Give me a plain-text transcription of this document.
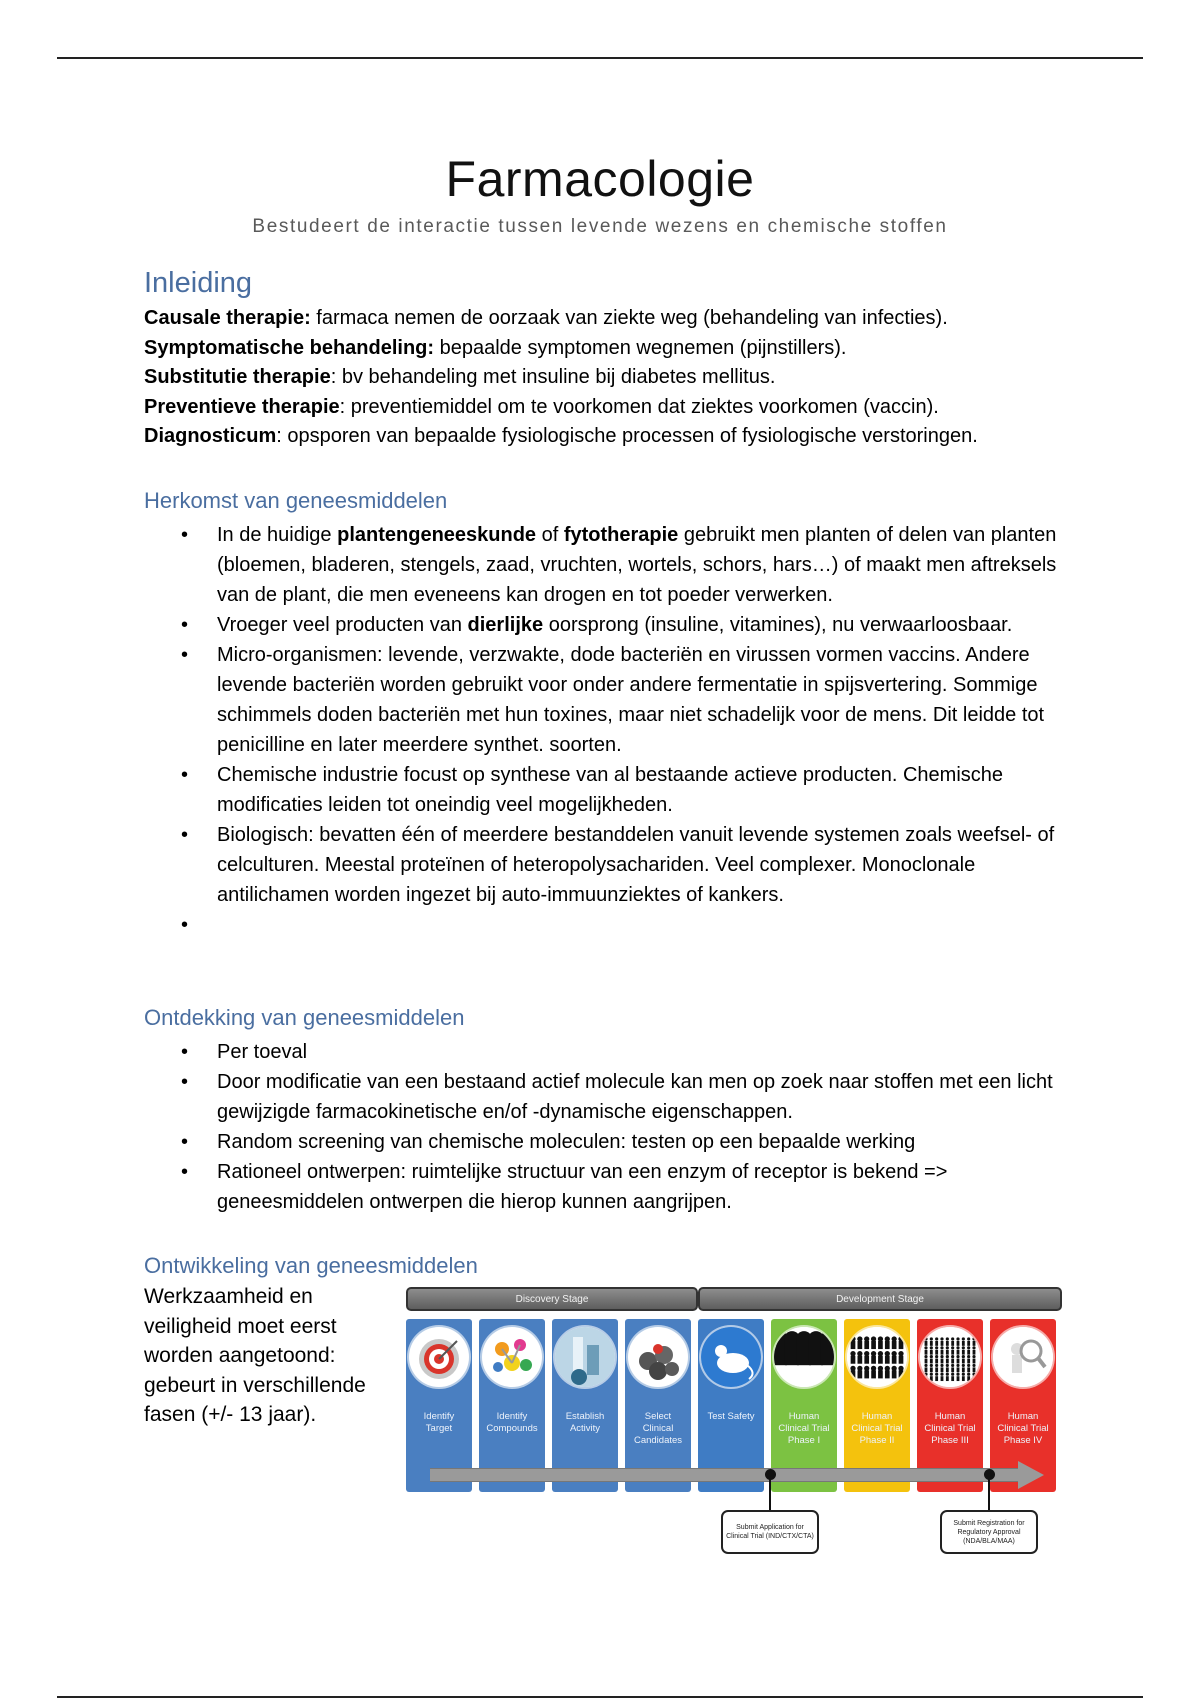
Farmacologie
Bestudeert de interactie tussen levende wezens en chemische stoffen
Inleiding

Causale therapie: farmaca nemen de oorzaak van ziekte weg (behandeling van infecties).

Symptomatische behandeling: bepaalde symptomen wegnemen (pijnstillers).

Substitutie therapie: bv behandeling met insuline bij diabetes mellitus.

Preventieve therapie: preventiemiddel om te voorkomen dat ziektes voorkomen (vaccin).

Diagnosticum: opsporen van bepaalde fysiologische processen of fysiologische verstoringen.

Herkomst van geneesmiddelen
• In de huidige plantengeneeskunde of fytotherapie gebruikt men planten of delen van planten (bloemen, bladeren, stengels, zaad, vruchten, wortels, schors, hars…) of maakt men aftreksels van de plant, die men eveneens kan drogen en tot poeder verwerken.
• Vroeger veel producten van dierlijke oorsprong (insuline, vitamines), nu verwaarloosbaar.
• Micro-organismen: levende, verzwakte, dode bacteriën en virussen vormen vaccins. Andere levende bacteriën worden gebruikt voor onder andere fermentatie in spijsvertering. Sommige schimmels doden bacteriën met hun toxines, maar niet schadelijk voor de mens. Dit leidde tot penicilline en later meerdere synthet. soorten.
• Chemische industrie focust op synthese van al bestaande actieve producten. Chemische modificaties leiden tot oneindig veel mogelijkheden.
• Biologisch: bevatten één of meerdere bestanddelen vanuit levende systemen zoals weefsel- of celculturen. Meestal proteïnen of heteropolysachariden. Veel complexer. Monoclonale antilichamen worden ingezet bij auto-immuunziektes of kankers.
•
Ontdekking van geneesmiddelen
• Per toeval
• Door modificatie van een bestaand actief molecule kan men op zoek naar stoffen met een licht gewijzigde farmacokinetische en/of -dynamische eigenschappen.
• Random screening van chemische moleculen: testen op een bepaalde werking
• Rationeel ontwerpen: ruimtelijke structuur van een enzym of receptor is bekend => geneesmiddelen ontwerpen die hierop kunnen aangrijpen.
Ontwikkeling van geneesmiddelen
Werkzaamheid en veiligheid moet eerst worden aangetoond: gebeurt in verschillende fasen (+/- 13 jaar).
Discovery Stage	Development Stage
Identify
Target
Identify
Compounds
Establish
Activity
Select
Clinical
Candidates
Test Safety	Human
Clinical Trial
Phase I
Human
Clinical Trial
Phase II
Human
Clinical Trial
Phase III
Human
Clinical Trial
Phase IV
Submit Application for Clinical Trial (IND/CTX/CTA)
Submit Registration for Regulatory Approval (NDA/BLA/MAA)
